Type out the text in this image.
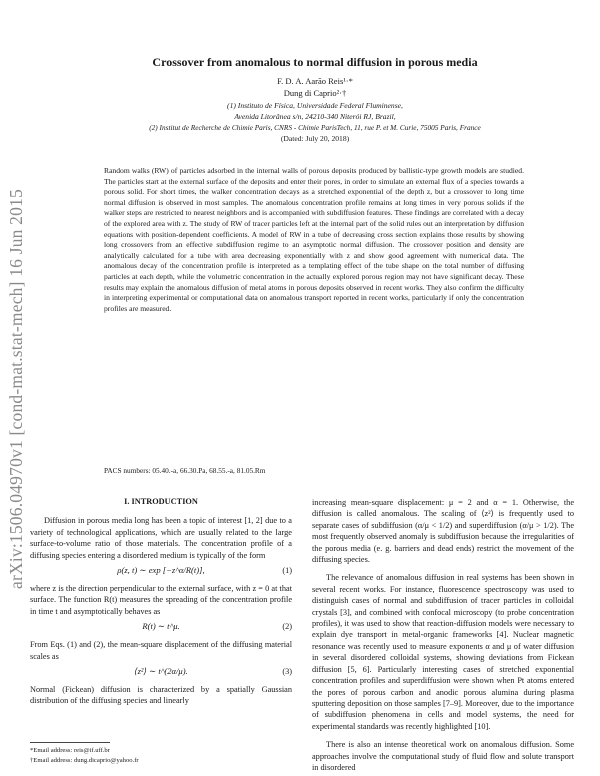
arXiv:1506.04970v1 [cond-mat.stat-mech] 16 Jun 2015
Crossover from anomalous to normal diffusion in porous media
F. D. A. Aarão Reis¹·*
Dung di Caprio²·†
(1) Instituto de Física, Universidade Federal Fluminense,
Avenida Litorânea s/n, 24210-340 Niterói RJ, Brazil,
(2) Institut de Recherche de Chimie Paris, CNRS - Chimie ParisTech, 11, rue P. et M. Curie, 75005 Paris, France
(Dated: July 20, 2018)

Random walks (RW) of particles adsorbed in the internal walls of porous deposits produced by ballistic-type growth models are studied. The particles start at the external surface of the deposits and enter their pores, in order to simulate an external flux of a species towards a porous solid. For short times, the walker concentration decays as a stretched exponential of the depth z, but a crossover to long time normal diffusion is observed in most samples. The anomalous concentration profile remains at long times in very porous solids if the walker steps are restricted to nearest neighbors and is accompanied with subdiffusion features. These findings are correlated with a decay of the explored area with z. The study of RW of tracer particles left at the internal part of the solid rules out an interpretation by diffusion equations with position-dependent coefficients. A model of RW in a tube of decreasing cross section explains those results by showing long crossovers from an effective subdiffusion regime to an asymptotic normal diffusion. The crossover position and density are analytically calculated for a tube with area decreasing exponentially with z and show good agreement with numerical data. The anomalous decay of the concentration profile is interpreted as a templating effect of the tube shape on the total number of diffusing particles at each depth, while the volumetric concentration in the actually explored porous region may not have significant decay. These results may explain the anomalous diffusion of metal atoms in porous deposits observed in recent works. They also confirm the difficulty in interpreting experimental or computational data on anomalous transport reported in recent works, particularly if only the concentration profiles are measured.

PACS numbers: 05.40.-a, 66.30.Pa, 68.55.-a, 81.05.Rm
I. INTRODUCTION

Diffusion in porous media long has been a topic of interest [1, 2] due to a variety of technological applications, which are usually related to the large surface-to-volume ratio of those materials. The concentration profile of a diffusing species entering a disordered medium is typically of the form

ρ(z, t) ∼ exp [−z^α/R(t)],	(1)

where z is the direction perpendicular to the external surface, with z = 0 at that surface. The function R(t) measures the spreading of the concentration profile in time t and asymptotically behaves as

R(t) ∼ t^μ.	(2)

From Eqs. (1) and (2), the mean-square displacement of the diffusing material scales as

⟨z²⟩ ∼ t^(2α/μ).	(3)

Normal (Fickean) diffusion is characterized by a spatially Gaussian distribution of the diffusing species and linearly

increasing mean-square displacement: μ = 2 and α = 1. Otherwise, the diffusion is called anomalous. The scaling of ⟨z²⟩ is frequently used to separate cases of subdiffusion (α/μ < 1/2) and superdiffusion (α/μ > 1/2). The most frequently observed anomaly is subdiffusion because the irregularities of the porous media (e. g. barriers and dead ends) restrict the movement of the diffusing species.

The relevance of anomalous diffusion in real systems has been shown in several recent works. For instance, fluorescence spectroscopy was used to distinguish cases of normal and subdiffusion of tracer particles in colloidal crystals [3], and combined with confocal microscopy (to probe concentration profiles), it was used to show that reaction-diffusion models were necessary to explain dye transport in metal-organic frameworks [4]. Nuclear magnetic resonance was recently used to measure exponents α and μ of water diffusion in several disordered colloidal systems, showing deviations from Fickean diffusion [5, 6]. Particularly interesting cases of stretched exponential concentration profiles and superdiffusion were shown when Pt atoms entered the pores of porous carbon and anodic porous alumina during plasma sputtering deposition on those samples [7–9]. Moreover, due to the importance of subdiffusion phenomena in cells and model systems, the need for experimental standards was recently highlighted [10].

There is also an intense theoretical work on anomalous diffusion. Some approaches involve the computational study of fluid flow and solute transport in disordered

*Email address: reis@if.uff.br
†Email address: dung.dicaprio@yahoo.fr
